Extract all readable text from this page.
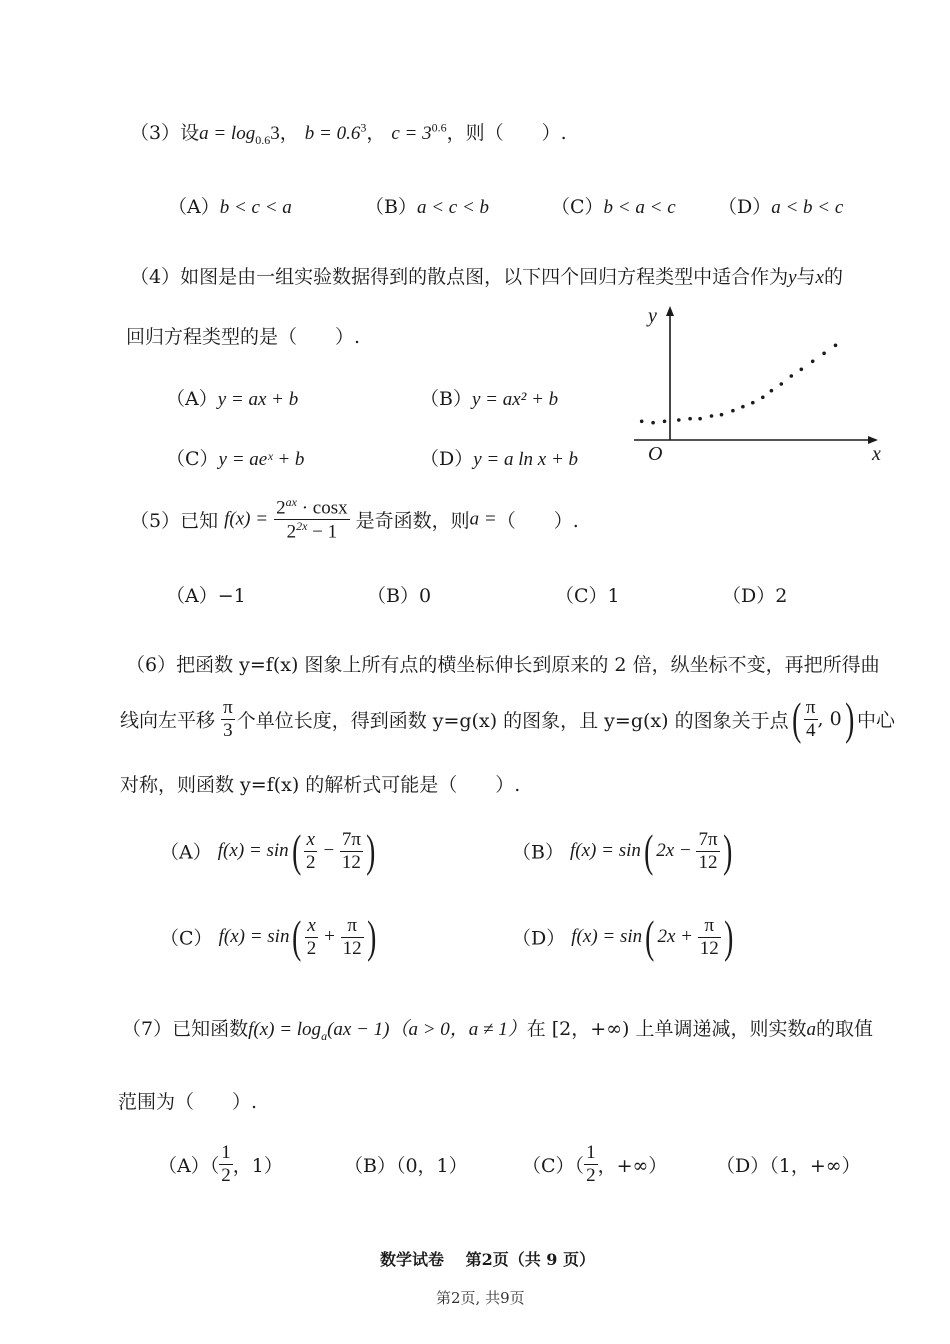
（3）设$a = \log_{0.6}3$， $b = 0.6^3$， $c = 3^{0.6}$，则（　　）.
（A）b < c < a	（B）a < c < b	（C）b < a < c （D）a < b < c
（4）如图是由一组实验数据得到的散点图，以下四个回归方程类型中适合作为y与x的
回归方程类型的是（　　）.
（A）y = ax + b	（B）y = ax² + b
（C）y = aeˣ + b	（D）y = a ln x + b
y
x
O
（5）已知 $f(x) = \frac{2^{ax} \cdot \cos x}{2^{2x} - 1}$ 是奇函数，则a =（　　）.
（A）−1	（B）0	（C）1	（D）2
（6）把函数 y=f(x) 图象上所有点的横坐标伸长到原来的 2 倍，纵坐标不变，再把所得曲
线向左平移 $\frac{\pi}{3}$ 个单位长度，得到函数 y=g(x) 的图象，且 y=g(x) 的图象关于点( $\frac{\pi}{4}$ , 0) 中心
对称，则函数 y=f(x) 的解析式可能是（　　）.
（A） $f(x) = \sin( \frac{x}{2} - \frac{7\pi}{12}$ )	（B） f(x) = sin( $2x - \frac{7\pi}{12}$ )
（C） $f(x) = \sin( \frac{x}{2} + \frac{\pi}{12}$ )	（D） f(x) = sin( $2x + \frac{\pi}{12}$ )
（7）已知函数$f(x) = \log_a(ax - 1)(a > 0$，a ≠ 1）在 [2，+∞) 上单调递减，则实数a的取值
范围为（　　）.
$(A)( \frac{1}{2}$ ，1）	（B）（0，1）	$(C)( \frac{1}{2}$ ，+∞）	（D）（1，+∞）
数学试卷　 第2页（共 9 页）
第2页, 共9页
